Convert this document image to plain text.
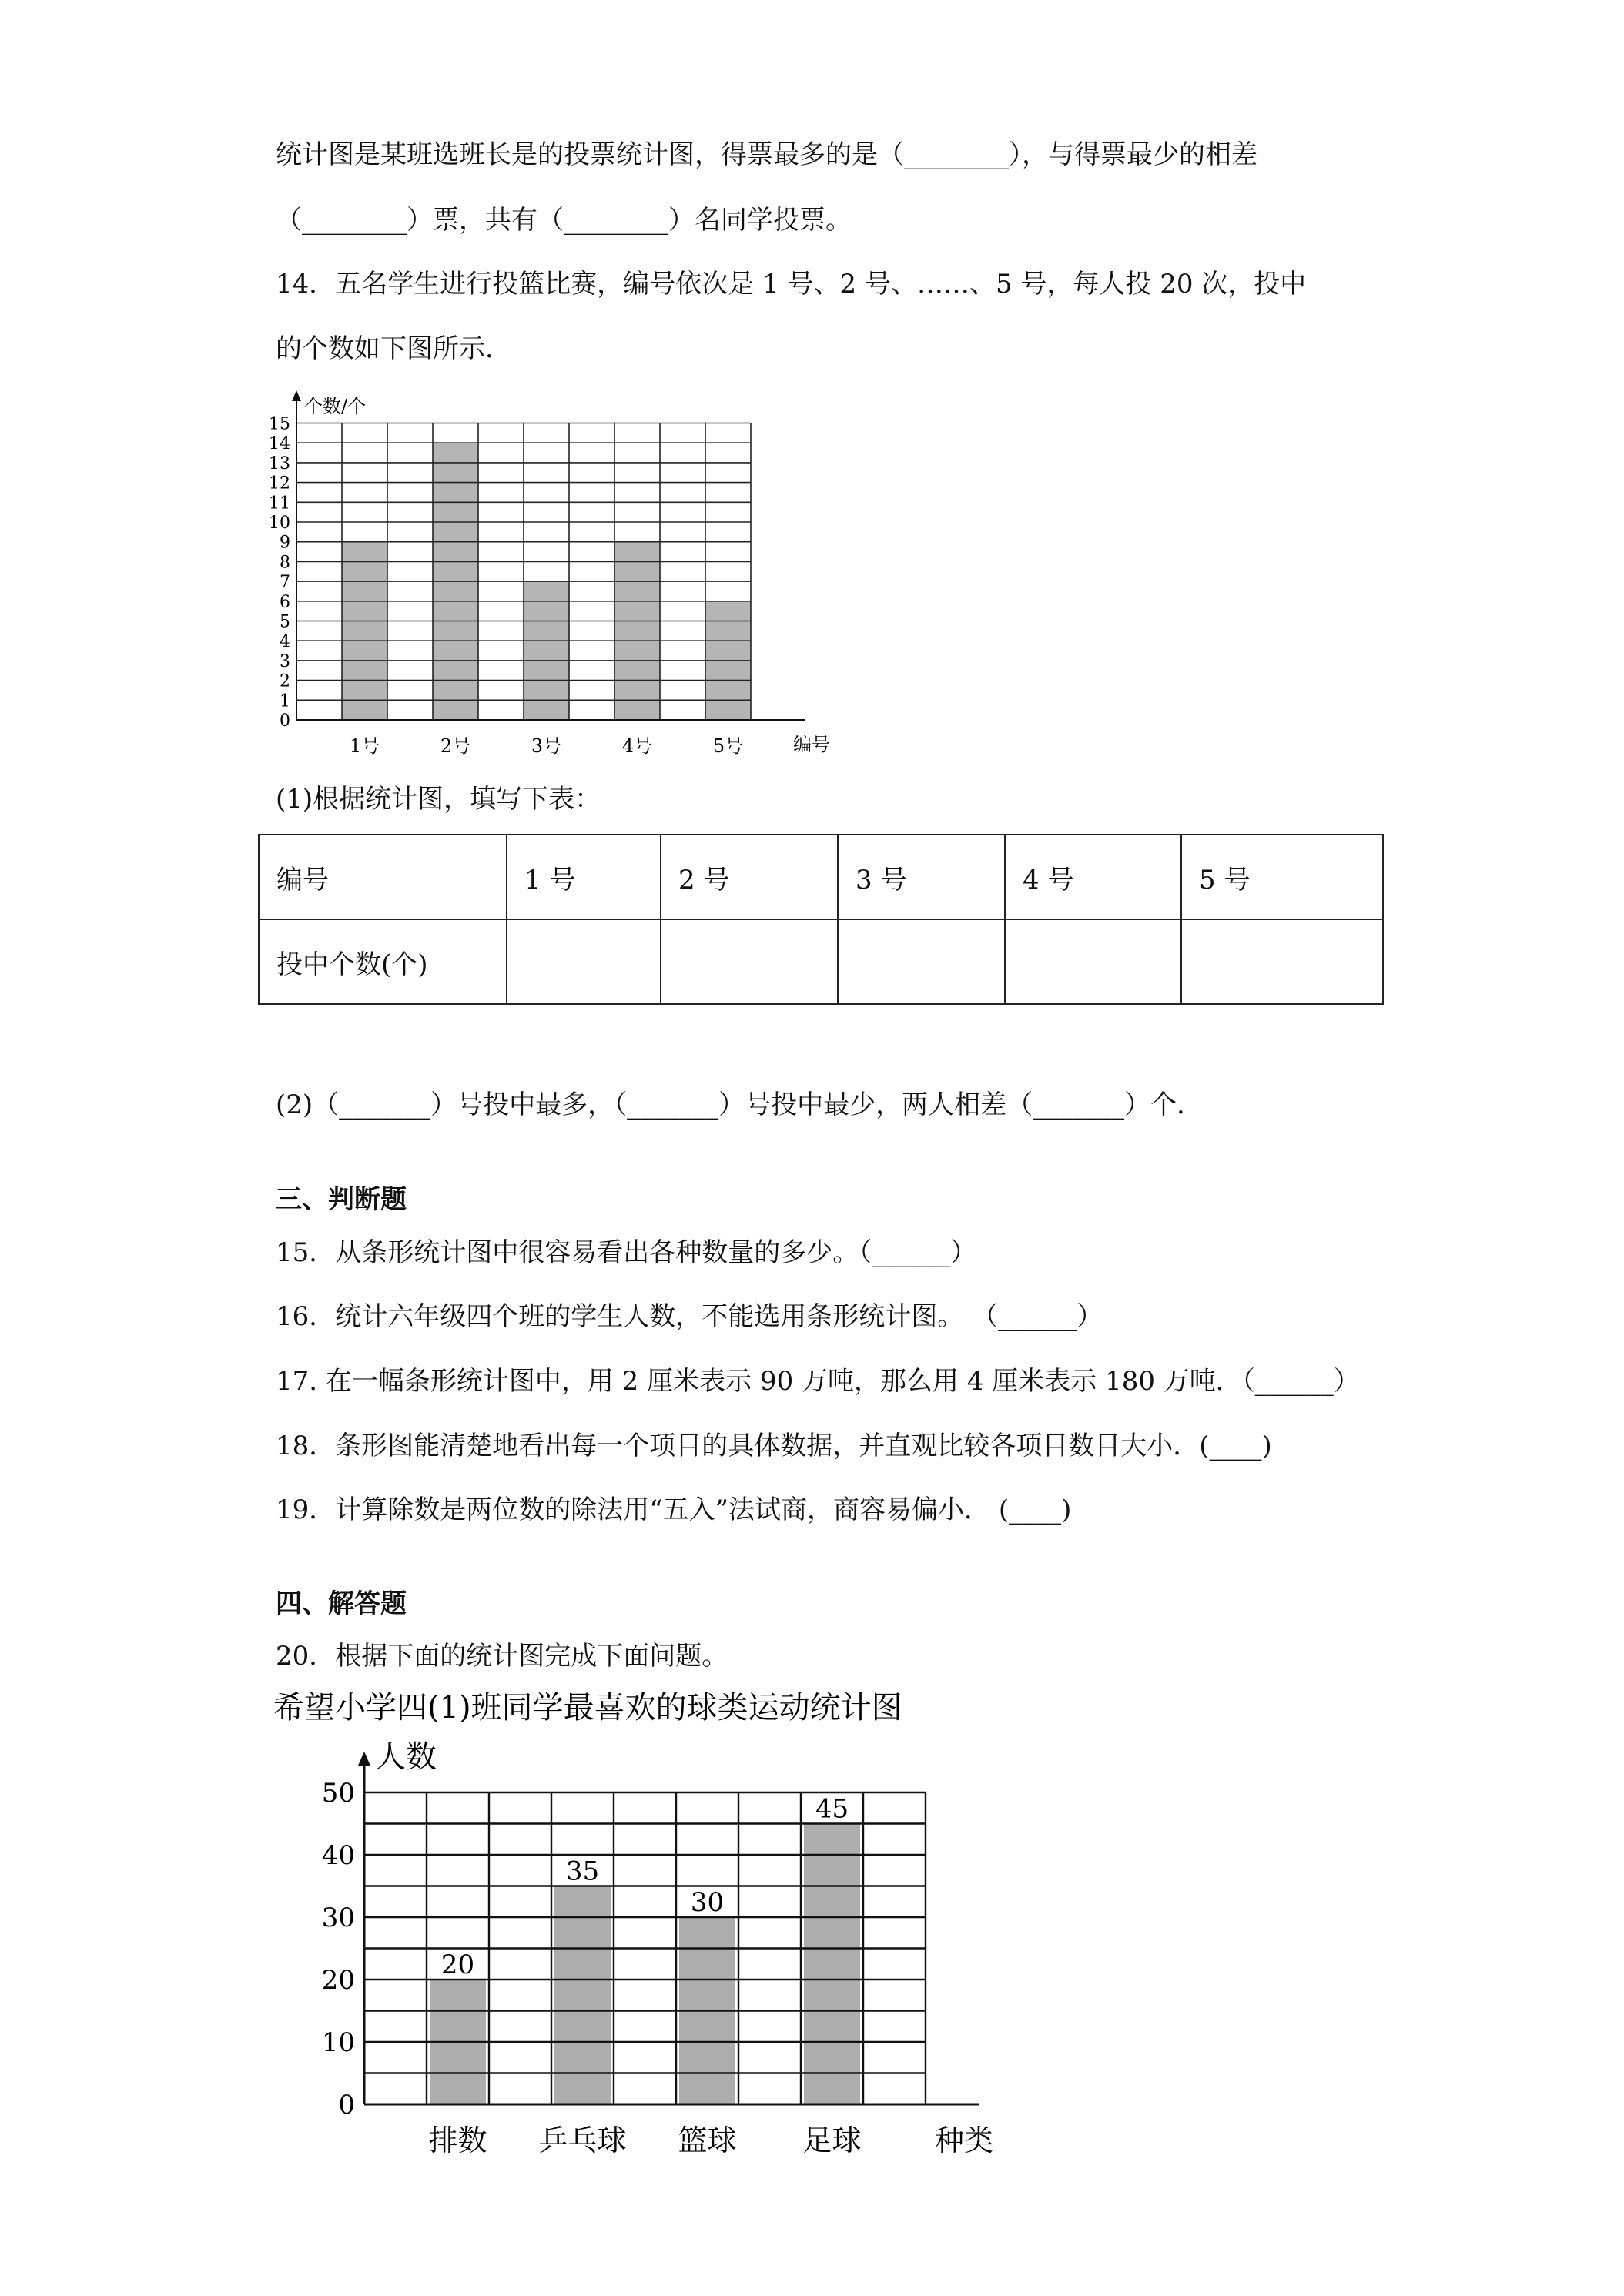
统计图是某班选班长是的投票统计图，得票最多的是（________），与得票最少的相差
（________）票，共有（________）名同学投票。
14．五名学生进行投篮比赛，编号依次是 1 号、2 号、……、5 号，每人投 20 次，投中
的个数如下图所示．
0
1
2
3
4
5
6
7
8
9
10
11
12
13
14
15
1号	2号	3号	4号	5号	编号
个数/个
(1)根据统计图，填写下表：
编号	1 号	2 号	3 号	4 号	5 号
投中个数(个)					
(2)（_______）号投中最多，（_______）号投中最少，两人相差（_______）个．
三、判断题
15．从条形统计图中很容易看出各种数量的多少。（______）
16．统计六年级四个班的学生人数，不能选用条形统计图。 （______）
17. 在一幅条形统计图中，用 2 厘米表示 90 万吨，那么用 4 厘米表示 180 万吨．（______）
18．条形图能清楚地看出每一个项目的具体数据，并直观比较各项目数目大小．(____)
19．计算除数是两位数的除法用“五入”法试商，商容易偏小． (____)
四、解答题
20．根据下面的统计图完成下面问题。
希望小学四(1)班同学最喜欢的球类运动统计图
人数
0
10
20
30
40
50
20
35
30
45
排数 乒乓球 篮球 足球	种类
